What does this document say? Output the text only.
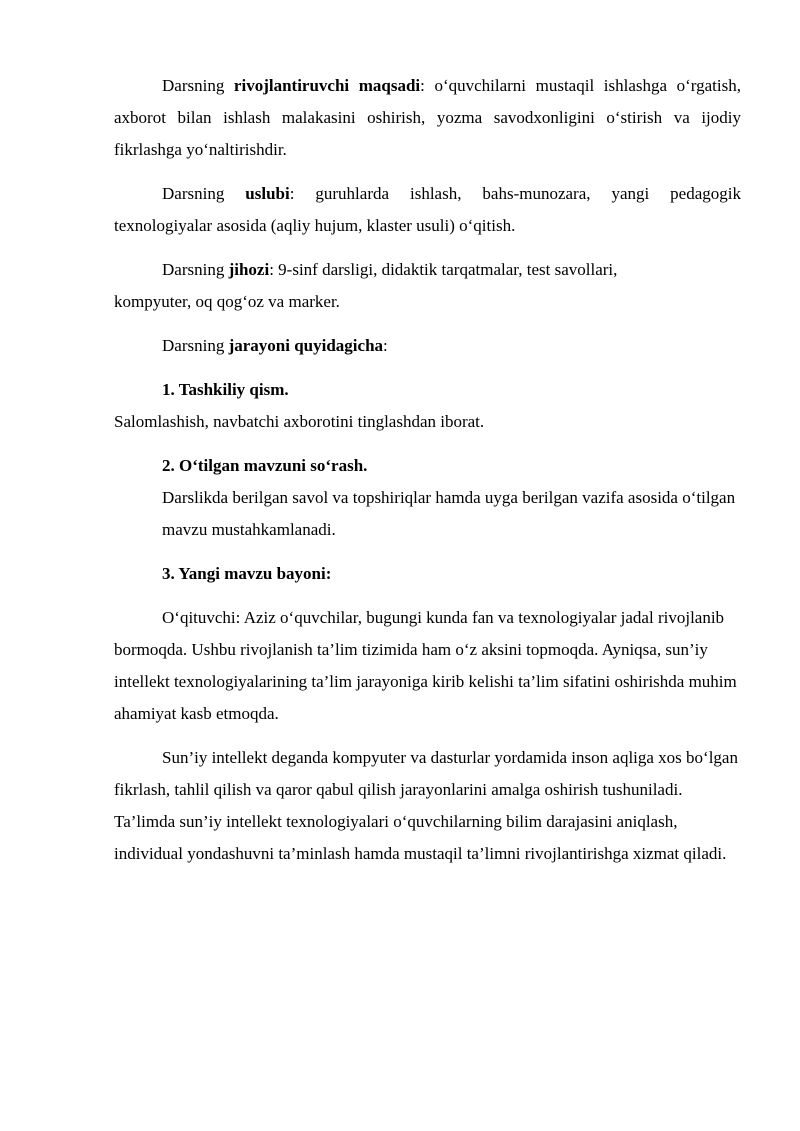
Darsning rivojlantiruvchi maqsadi: o‘quvchilarni mustaqil ishlashga o‘rgatish, axborot bilan ishlash malakasini oshirish, yozma savodxonligini o‘stirish va ijodiy fikrlashga yo‘naltirishdir.

Darsning uslubi: guruhlarda ishlash, bahs-munozara, yangi pedagogik texnologiyalar asosida (aqliy hujum, klaster usuli) o‘qitish.

Darsning jihozi: 9-sinf darsligi, didaktik tarqatmalar, test savollari,
kompyuter, oq qog‘oz va marker.

Darsning jarayoni quyidagicha:

1. Tashkiliy qism.

Salomlashish, navbatchi axborotini tinglashdan iborat.

2. O‘tilgan mavzuni so‘rash.

Darslikda berilgan savol va topshiriqlar hamda uyga berilgan vazifa asosida o‘tilgan mavzu mustahkamlanadi.

3. Yangi mavzu bayoni:

O‘qituvchi: Aziz o‘quvchilar, bugungi kunda fan va texnologiyalar jadal rivojlanib bormoqda. Ushbu rivojlanish ta’lim tizimida ham o‘z aksini topmoqda. Ayniqsa, sun’iy intellekt texnologiyalarining ta’lim jarayoniga kirib kelishi ta’lim sifatini oshirishda muhim ahamiyat kasb etmoqda.

Sun’iy intellekt deganda kompyuter va dasturlar yordamida inson aqliga xos bo‘lgan fikrlash, tahlil qilish va qaror qabul qilish jarayonlarini amalga oshirish tushuniladi. Ta’limda sun’iy intellekt texnologiyalari o‘quvchilarning bilim darajasini aniqlash, individual yondashuvni ta’minlash hamda mustaqil ta’limni rivojlantirishga xizmat qiladi.
